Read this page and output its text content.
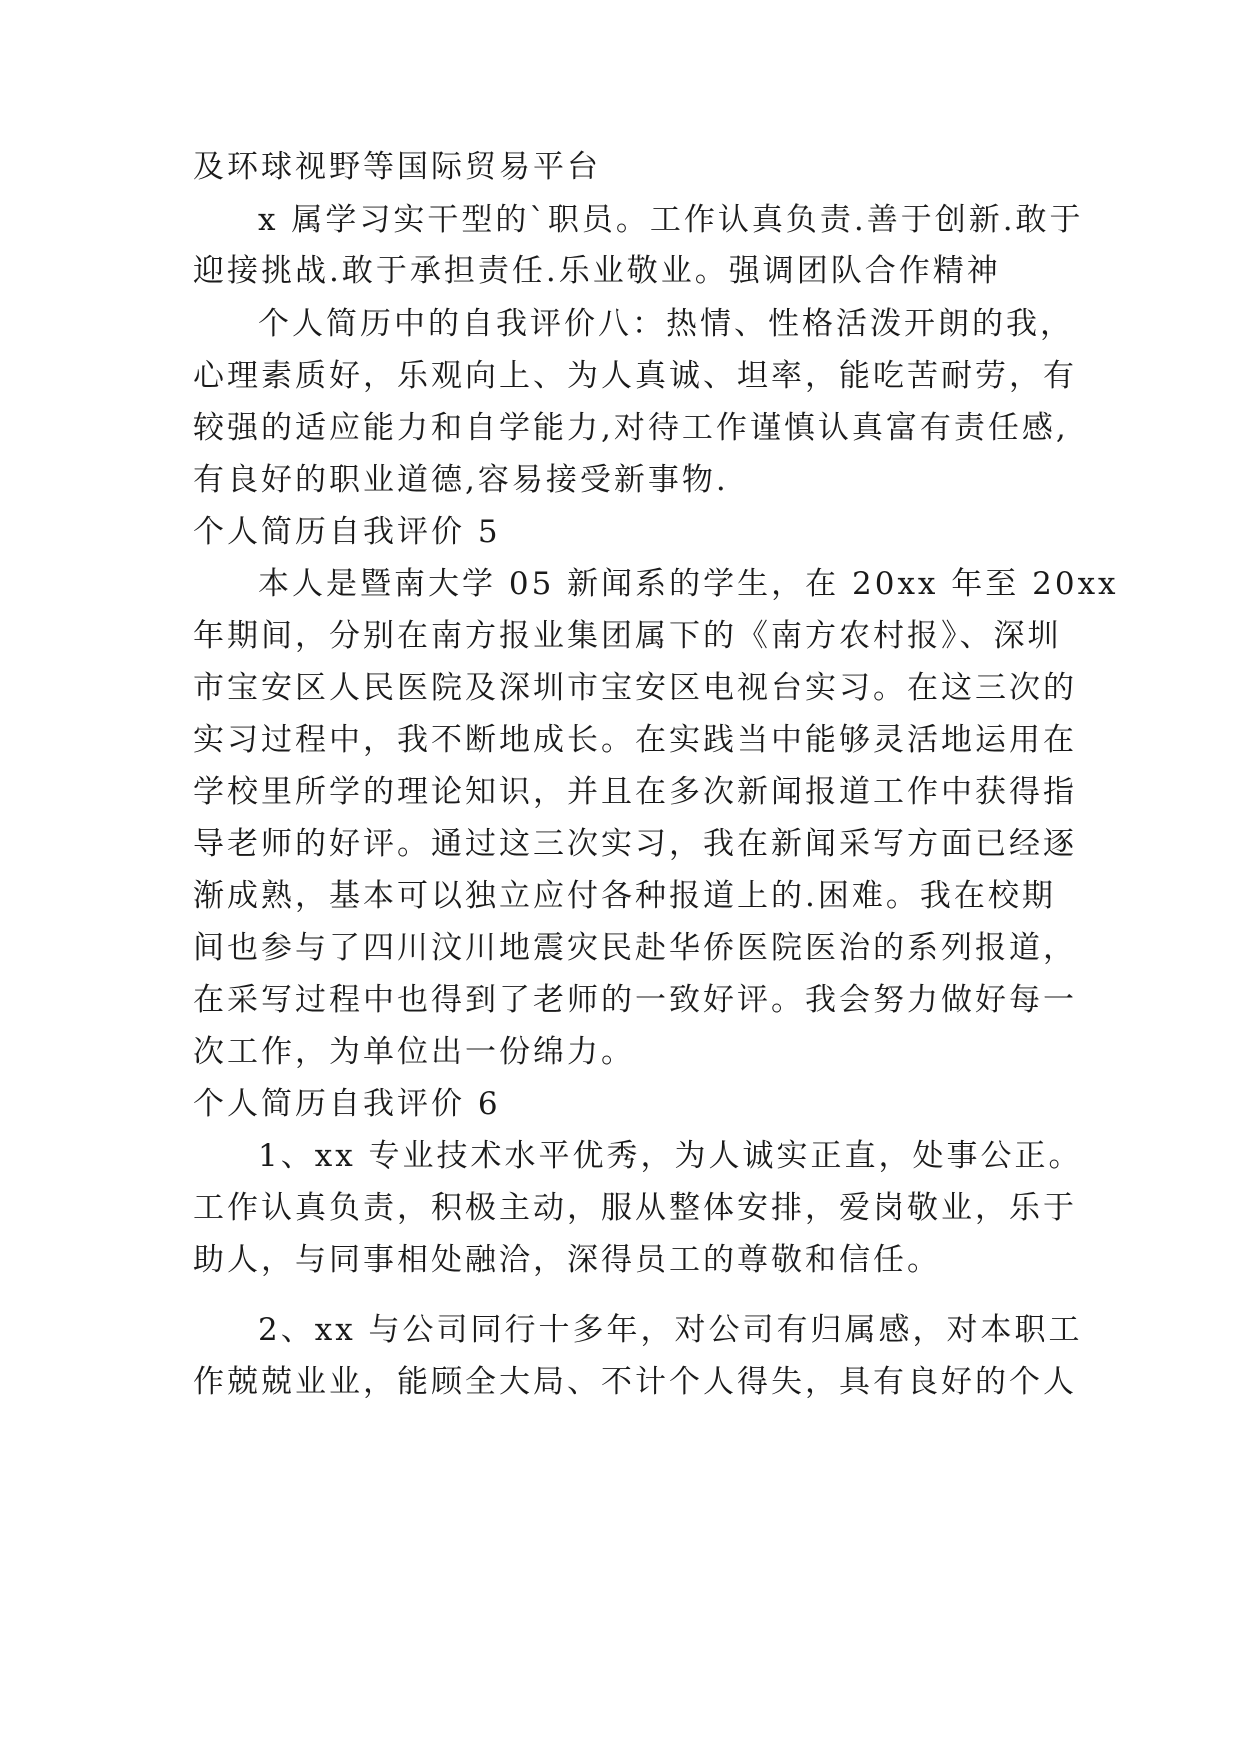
及环球视野等国际贸易平台
x 属学习实干型的`职员。工作认真负责.善于创新.敢于
迎接挑战.敢于承担责任.乐业敬业。强调团队合作精神
个人简历中的自我评价八：热情、性格活泼开朗的我，
心理素质好，乐观向上、为人真诚、坦率，能吃苦耐劳，有
较强的适应能力和自学能力,对待工作谨慎认真富有责任感,
有良好的职业道德,容易接受新事物.
个人简历自我评价 5
本人是暨南大学 05 新闻系的学生，在 20xx 年至 20xx
年期间，分别在南方报业集团属下的《南方农村报》、深圳
市宝安区人民医院及深圳市宝安区电视台实习。在这三次的
实习过程中，我不断地成长。在实践当中能够灵活地运用在
学校里所学的理论知识，并且在多次新闻报道工作中获得指
导老师的好评。通过这三次实习，我在新闻采写方面已经逐
渐成熟，基本可以独立应付各种报道上的.困难。我在校期
间也参与了四川汶川地震灾民赴华侨医院医治的系列报道，
在采写过程中也得到了老师的一致好评。我会努力做好每一
次工作，为单位出一份绵力。
个人简历自我评价 6
1、xx 专业技术水平优秀，为人诚实正直，处事公正。
工作认真负责，积极主动，服从整体安排，爱岗敬业，乐于
助人，与同事相处融洽，深得员工的尊敬和信任。
2、xx 与公司同行十多年，对公司有归属感，对本职工
作兢兢业业，能顾全大局、不计个人得失，具有良好的个人
